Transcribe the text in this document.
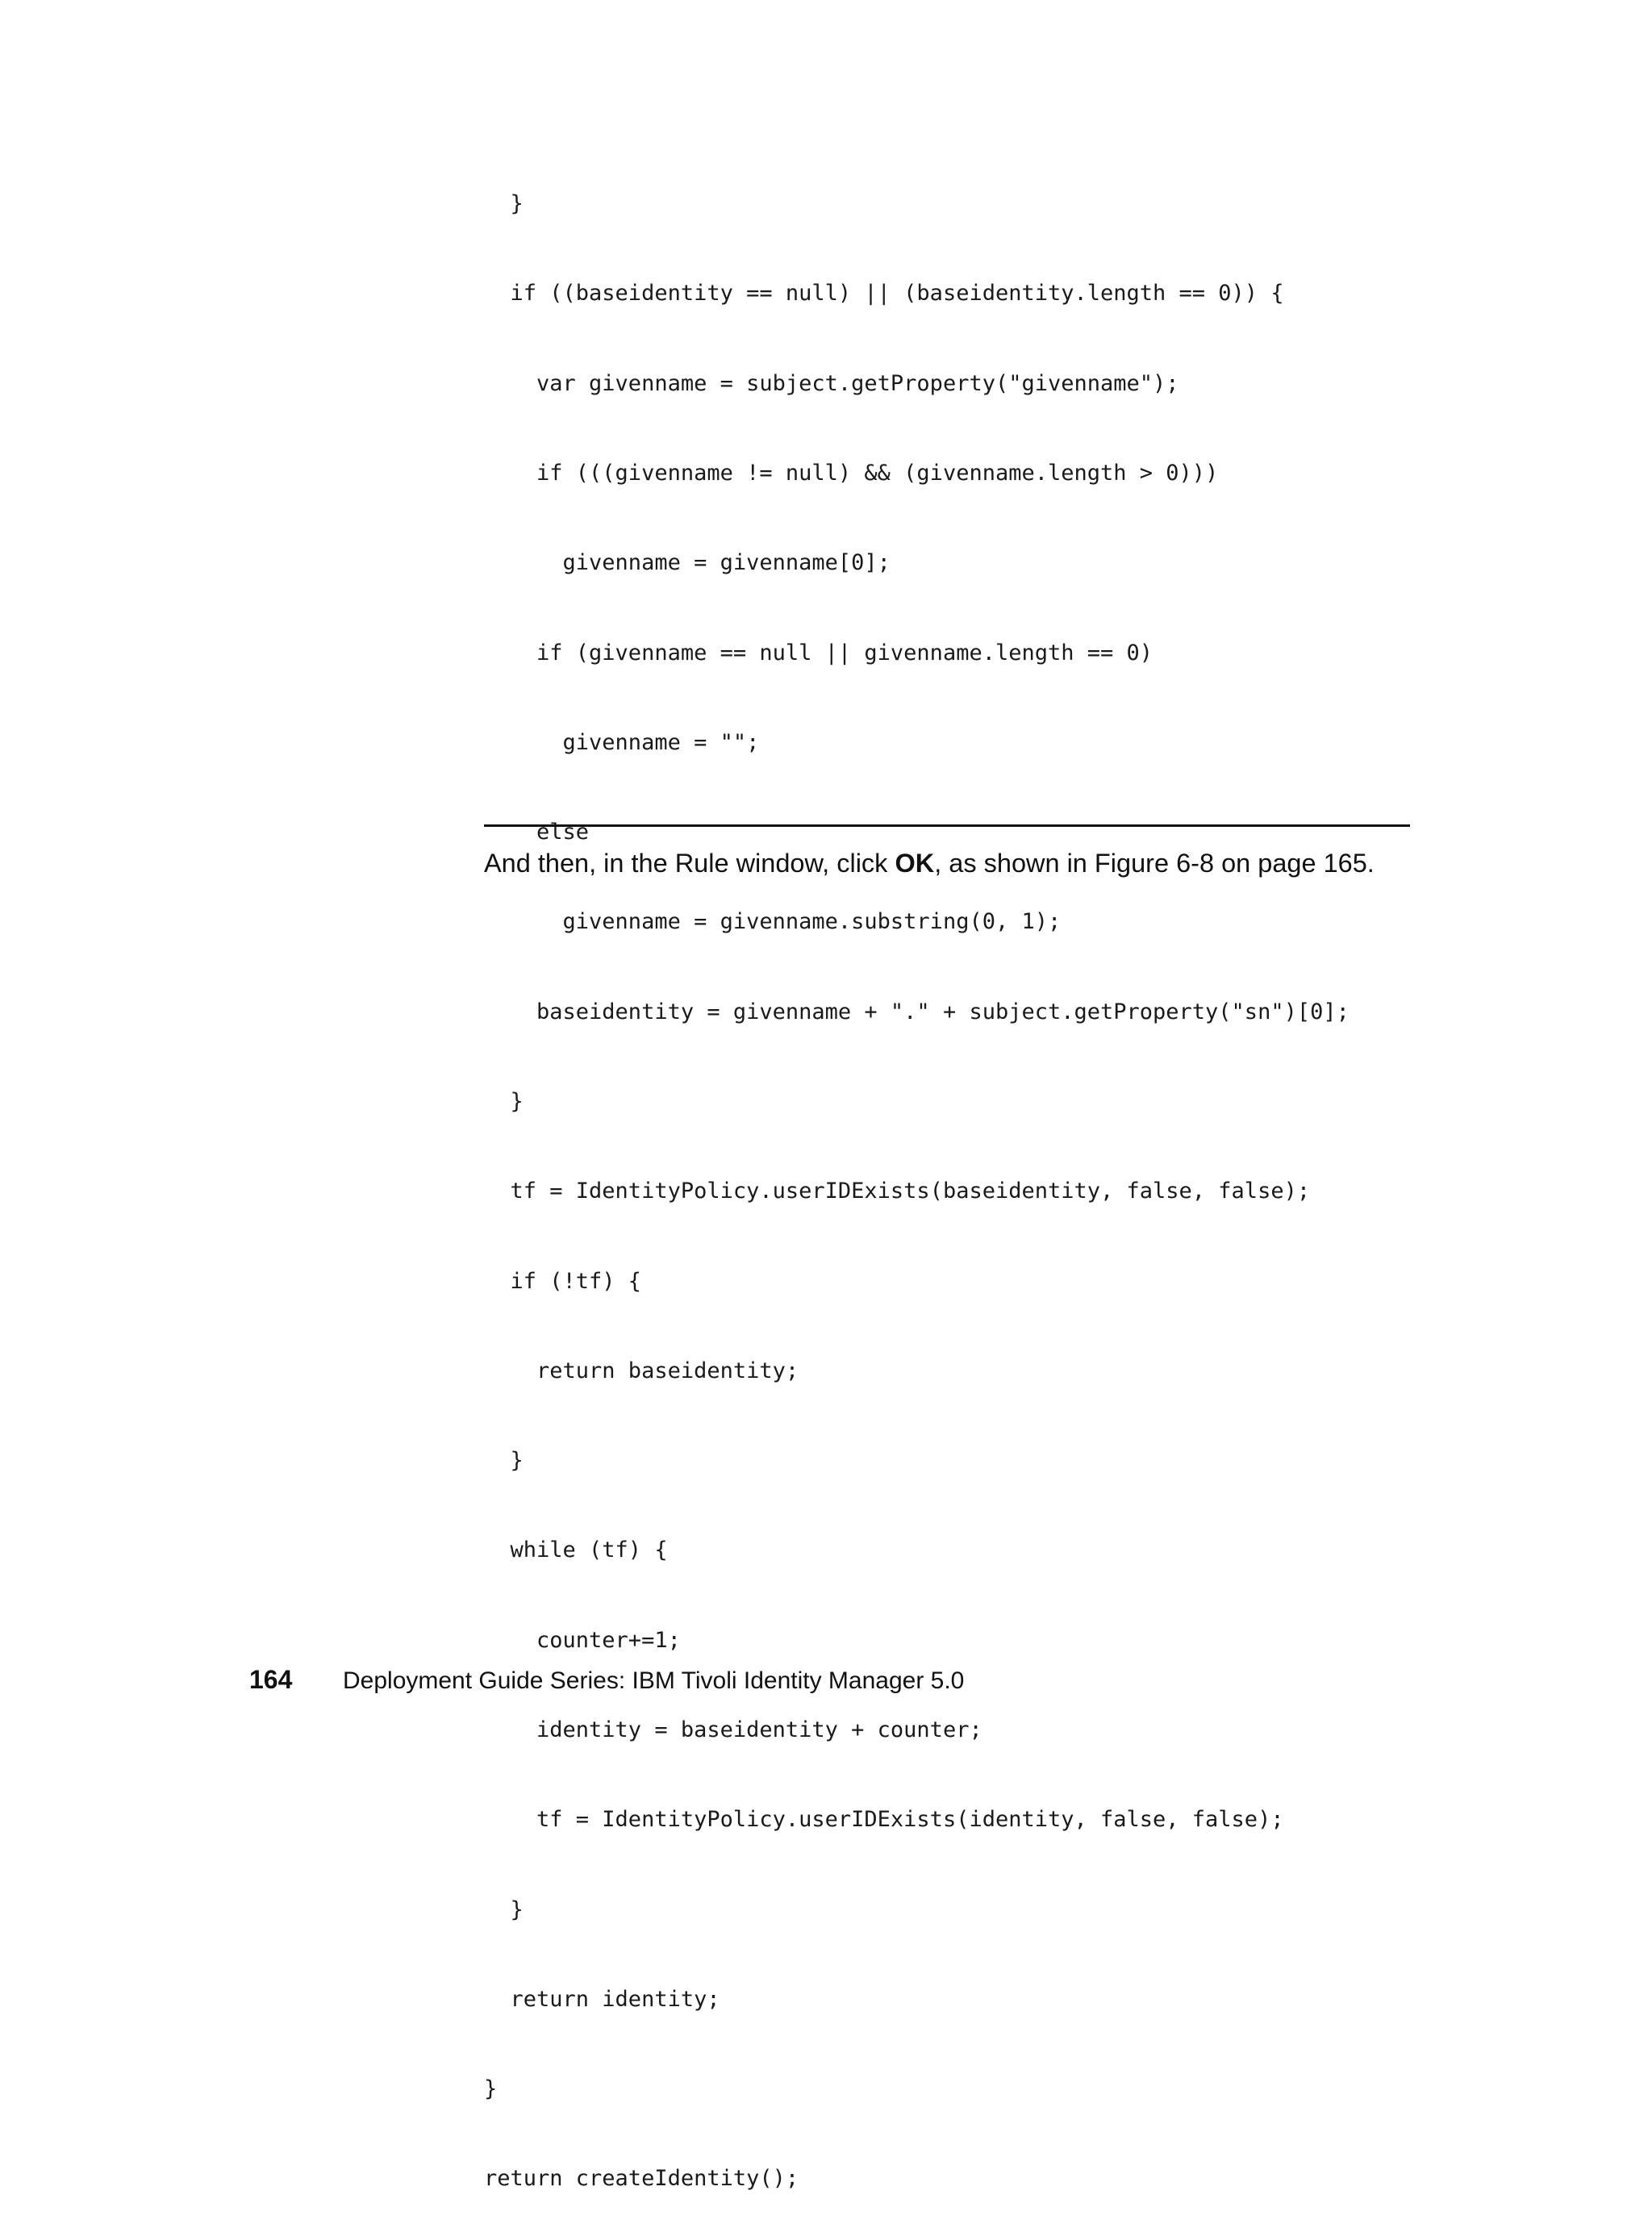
}

if ((baseidentity == null) || (baseidentity.length == 0)) {

var givenname = subject.getProperty("givenname");

if (((givenname != null) && (givenname.length > 0)))

givenname = givenname[0];

if (givenname == null || givenname.length == 0)

givenname = "";

else

givenname = givenname.substring(0, 1);

baseidentity = givenname + "." + subject.getProperty("sn")[0];

}

tf = IdentityPolicy.userIDExists(baseidentity, false, false);

if (!tf) {

return baseidentity;

}

while (tf) {

counter+=1;

identity = baseidentity + counter;

tf = IdentityPolicy.userIDExists(identity, false, false);

}

return identity;

}

return createIdentity();

And then, in the Rule window, click OK, as shown in Figure 6-8 on page 165.

164 Deployment Guide Series: IBM Tivoli Identity Manager 5.0
